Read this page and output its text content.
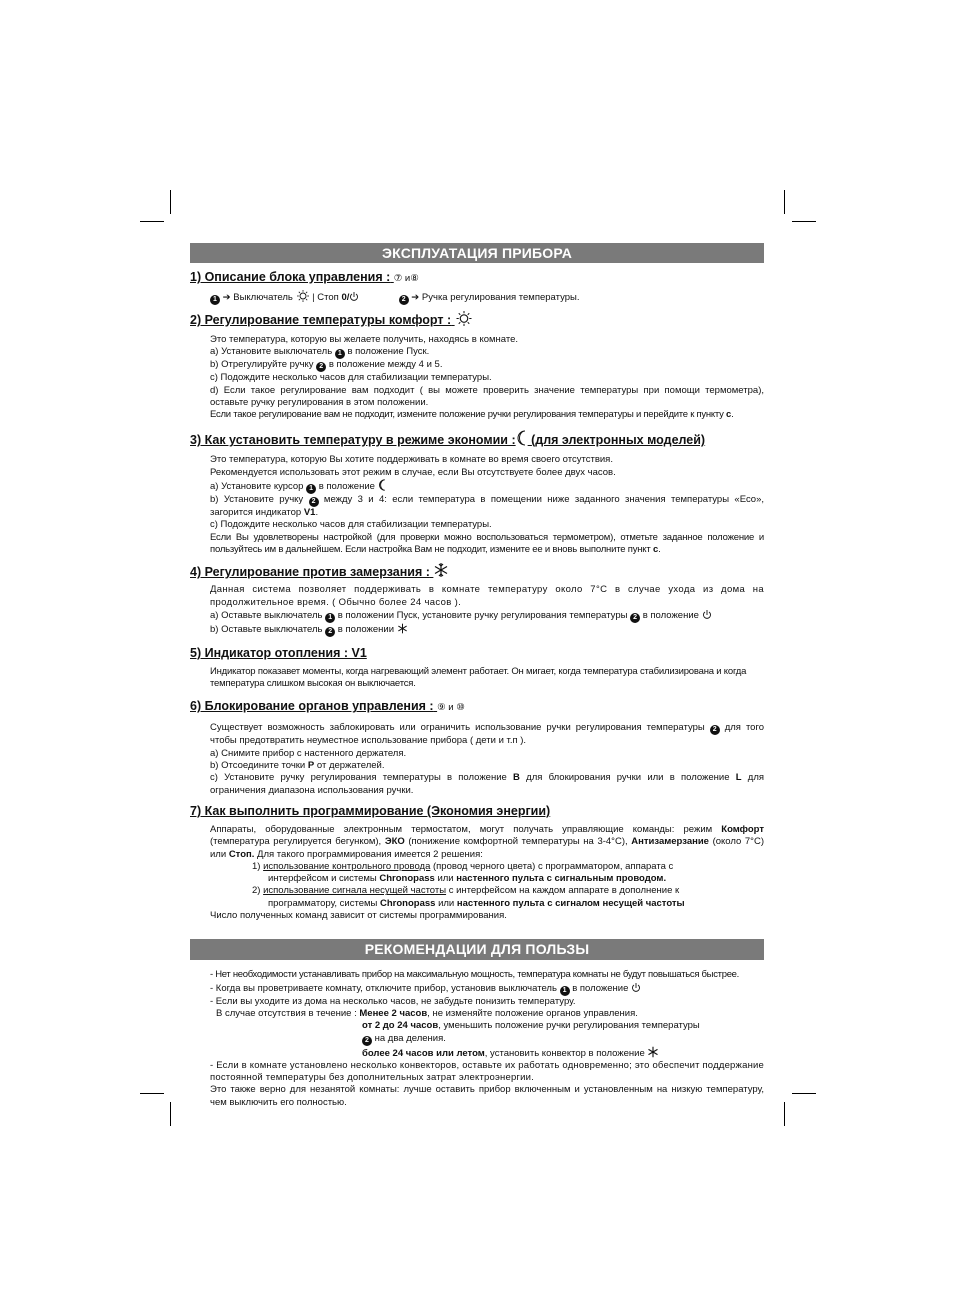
ЭКСПЛУАТАЦИЯ ПРИБОРА
1) Описание блока управления : ⑦ и⑧
1 ➔ Выключатель | Стоп 0/	2 ➔ Ручка регулирования температуры.
2) Регулирование температуры комфорт :

Это температура, которую вы желаете получить, находясь в комнате.

a) Установите выключатель 1 в положение Пуск.

b) Отрегулируйте ручку 2 в положение между 4 и 5.

c) Подождите несколько часов для стабилизации температуры.

d) Если такое регулирование вам подходит ( вы можете проверить значение температуры при помощи термометра), оставьте ручку регулирования в этом положении.

Если такое регулирование вам не подходит, измените положение ручки регулирования температуры и перейдите к пункту c.

3) Как установить температуру в режиме экономии : (для электронных моделей)

Это температура, которую Вы хотите поддерживать в комнате во время своего отсутствия.

Рекомендуется использовать этот режим в случае, если Вы отсутствуете более двух часов.

a) Установите курсор 1 в положение

b) Установите ручку 2 между 3 и 4: если температура в помещении ниже заданного значения температуры «Eco», загорится индикатор V1.

c) Подождите несколько часов для стабилизации температуры.

Если Вы удовлетворены настройкой (для проверки можно воспользоваться термометром), отметьте заданное положение и пользуйтесь им в дальнейшем. Если настройка Вам не подходит, измените ее и вновь выполните пункт c.

4) Регулирование против замерзания :

Данная система позволяет поддерживать в комнате температуру около 7°C в случае ухода из дома на продолжительное время. ( Обычно более 24 часов ).

a) Оставьте выключатель 1 в положении Пуск, установите ручку регулирования температуры 2 в положение

b) Оставьте выключатель 2 в положении

5) Индикатор отопления : V1

Индикатор показавет моменты, когда нагревающий элемент работает. Он мигает, когда температура стабилизирована и когда температура слишком высокая он выключается.

6) Блокирование органов управления : ⑨ и ⑩

Существует возможность заблокировать или ограничить использование ручки регулирования температуры 2 для того чтобы предотвратить неуместное использование прибора ( дети и т.п ).

a) Снимите прибор с настенного держателя.

b) Отсоедините точки P от держателей.

c) Установите ручку регулирования температуры в положение B для блокирования ручки или в положение L для ограничения диапазона использования ручки.

7) Как выполнить программирование (Экономия энергии)

Аппараты, оборудованные электронным термостатом, могут получать управляющие команды: режим Комфорт (температура регулируется бегунком), ЭКО (понижение комфортной температуры на 3-4°C), Антизамерзание (около 7°C) или Стоп. Для такого программирования имеется 2 решения:

1) использование контрольного провода (провод черного цвета) с программатором, аппарата с

интерфейсом и системы Chronopass или настенного пульта с сигнальным проводом.

2) использование сигнала несущей частоты с интерфейсом на каждом аппарате в дополнение к

программатору, системы Chronopass или настенного пульта с сигналом несущей частоты

Число полученных команд зависит от системы программирования.

РЕКОМЕНДАЦИИ ДЛЯ ПОЛЬЗЫ

- Нет необходимости устанавливать прибор на максимальную мощность, температура комнаты не будут повышаться быстрее.

- Когда вы проветриваете комнату, отключите прибор, установив выключатель 1 в положение

- Если вы уходите из дома на несколько часов, не забудьте понизить температуру.

В случае отсутствия в течение : Менее 2 часов, не изменяйте положение органов управления.

от 2 до 24 часов, уменьшить положение ручки регулирования температуры

2 на два деления.

более 24 часов или летом, установить конвектор в положение

- Если в комнате установлено несколько конвекторов, оставьте их работать одновременно; это обеспечит поддержание постоянной температуры без дополнительных затрат электроэнергии.

Это также верно для незанятой комнаты: лучше оставить прибор включенным и установленным на низкую температуру, чем выключить его полностью.
